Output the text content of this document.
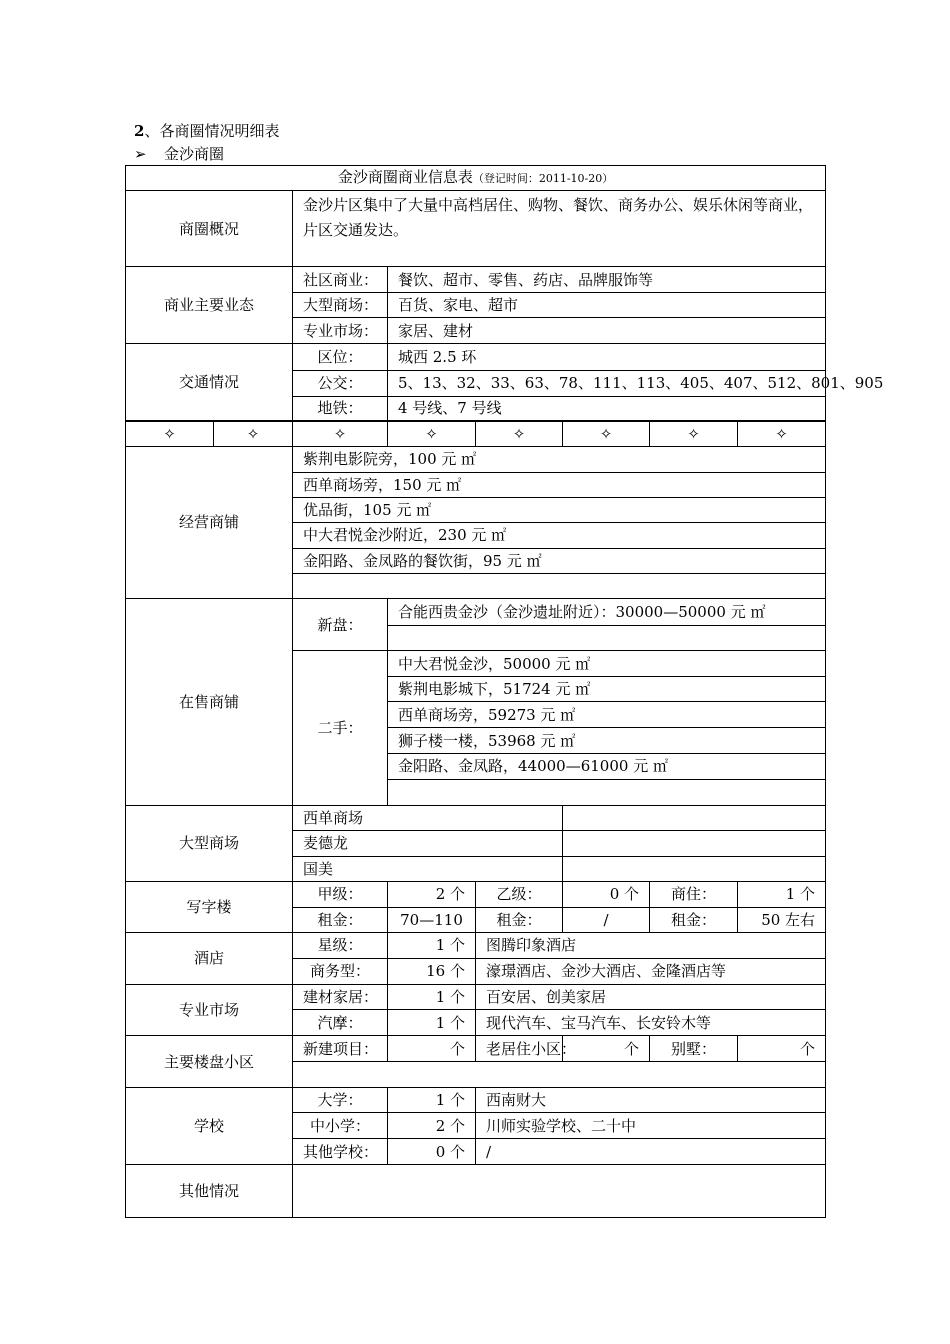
2、各商圈情况明细表
➢ 金沙商圈
金沙商圈商业信息表（登记时间：2011-10-20）							
商圈概况		金沙片区集中了大量中高档居住、购物、餐饮、商务办公、娱乐休闲等商业，片区交通发达。					
商业主要业态		社区商业：	餐饮、超市、零售、药店、品牌服饰等				
		大型商场：	百货、家电、超市				
		专业市场：	家居、建材				
交通情况		区位：	城西 2.5 环				
		公交：	5、13、32、33、63、78、111、113、405、407、512、801、905				
		地铁：	4 号线、7 号线				
✧	✧	✧	✧	✧	✧	✧	✧
经营商铺		紫荆电影院旁，100 元 ㎡					
		西单商场旁，150 元 ㎡					
		优品街，105 元 ㎡					
		中大君悦金沙附近，230 元 ㎡					
		金阳路、金凤路的餐饮街，95 元 ㎡					

在售商铺		新盘：	合能西贵金沙（金沙遗址附近）：30000—50000 元 ㎡				

		二手：	中大君悦金沙，50000 元 ㎡				
			紫荆电影城下，51724 元 ㎡				
			西单商场旁，59273 元 ㎡				
			狮子楼一楼，53968 元 ㎡				
			金阳路、金凤路，44000—61000 元 ㎡				

大型商场		西单商场					
		麦德龙					
		国美					
写字楼		甲级：	2 个	乙级：	0 个	商住：	1 个
		租金：	70—110	租金：	/	租金：	50 左右
酒店		星级：	1 个	图腾印象酒店			
		商务型：	16 个	濠璟酒店、金沙大酒店、金隆酒店等			
专业市场		建材家居：	1 个	百安居、创美家居			
		汽摩：	1 个	现代汽车、宝马汽车、长安铃木等			
主要楼盘小区		新建项目：	个	老居住小区：	个	别墅：	个

学校		大学：	1 个	西南财大			
		中小学：	2 个	川师实验学校、二十中			
		其他学校：	0 个	/			
其他情况							
